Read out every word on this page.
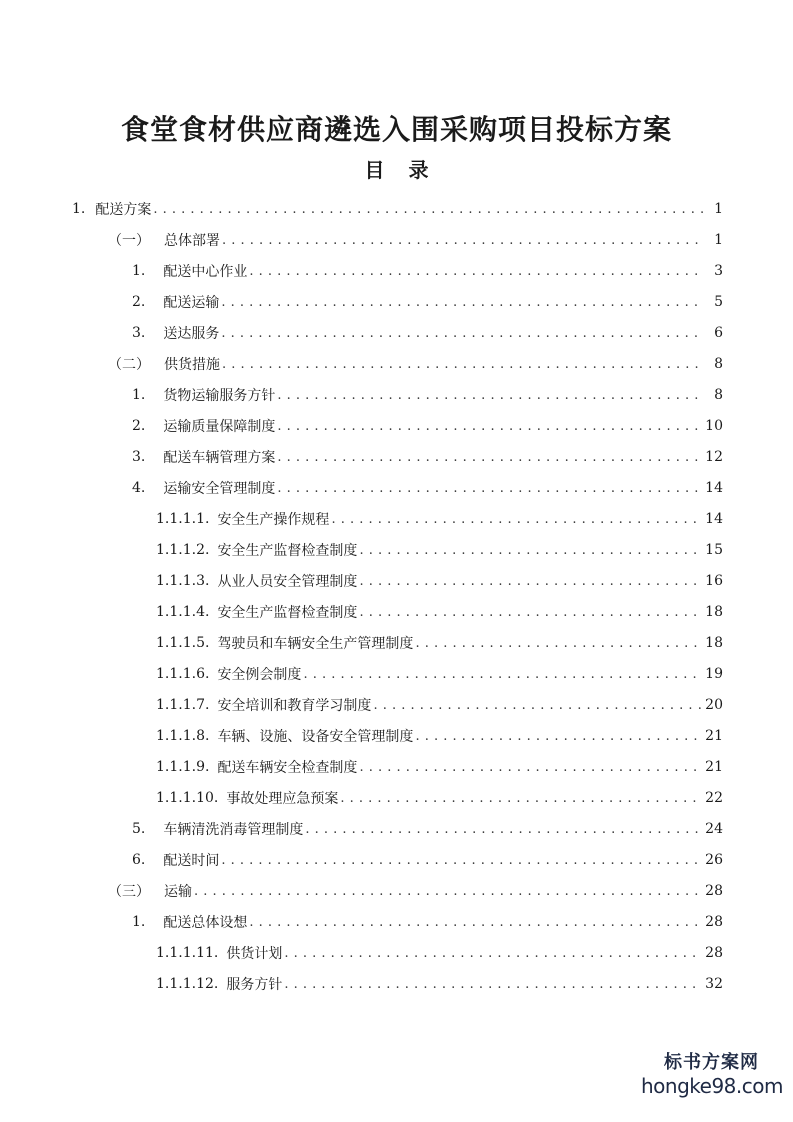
食堂食材供应商遴选入围采购项目投标方案
目 录
1. 配送方案 . . .	1
（一）	总体部署 . . .	1
1.	配送中心作业 . . .	3
2.	配送运输 . . .	5
3.	送达服务 . . .	6
（二）	供货措施 . . .	8
1.	货物运输服务方针 . . .	8
2.	运输质量保障制度 . . .	10
3.	配送车辆管理方案 . . .	12
4.	运输安全管理制度 . . .	14
1.1.1.1. 安全生产操作规程 . . .	14
1.1.1.2. 安全生产监督检查制度 . . .	15
1.1.1.3. 从业人员安全管理制度 . . .	16
1.1.1.4. 安全生产监督检查制度 . . .	18
1.1.1.5. 驾驶员和车辆安全生产管理制度 . . .	18
1.1.1.6. 安全例会制度 . . .	19
1.1.1.7. 安全培训和教育学习制度 . . .	20
1.1.1.8. 车辆、设施、设备安全管理制度 . . .	21
1.1.1.9. 配送车辆安全检查制度 . . .	21
1.1.1.10. 事故处理应急预案 . . .	22
5.	车辆清洗消毒管理制度 . . .	24
6.	配送时间 . . .	26
（三）	运输 . . .	28
1.	配送总体设想 . . .	28
1.1.1.11. 供货计划 . . .	28
1.1.1.12. 服务方针 . . .	32
标书方案网
hongke98.com
